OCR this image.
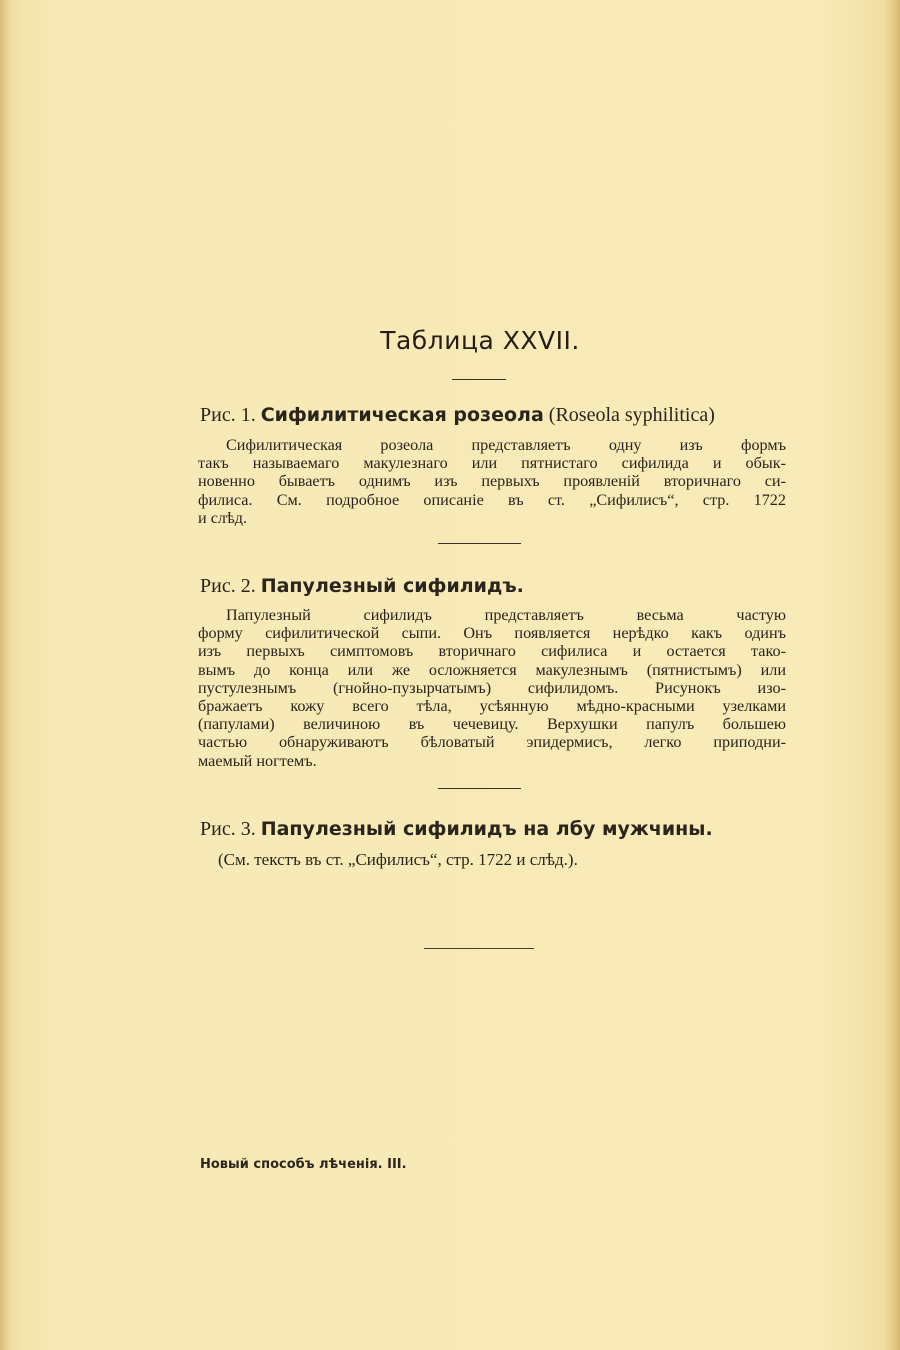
Таблица XXVII.
Рис. 1. Сифилитическая розеола (Roseola syphilitica)
Сифилитическая розеола представляетъ одну изъ формъ
такъ называемаго макулезнаго или пятнистаго сифилида и обык-
новенно бываетъ однимъ изъ первыхъ проявленій вторичнаго си-
филиса. См. подробное описаніе въ ст. „Сифилисъ“, стр. 1722
и слѣд.
Рис. 2. Папулезный сифилидъ.
Папулезный сифилидъ представляетъ весьма частую
форму сифилитической сыпи. Онъ появляется нерѣдко какъ одинъ
изъ первыхъ симптомовъ вторичнаго сифилиса и остается тако-
вымъ до конца или же осложняется макулезнымъ (пятнистымъ) или
пустулезнымъ (гнойно-пузырчатымъ) сифилидомъ. Рисунокъ изо-
бражаетъ кожу всего тѣла, усѣянную мѣдно-красными узелками
(папулами) величиною въ чечевицу. Верхушки папулъ большею
частью обнаруживаютъ бѣловатый эпидермисъ, легко приподни-
маемый ногтемъ.
Рис. 3. Папулезный сифилидъ на лбу мужчины.
(См. текстъ въ ст. „Сифилисъ“, стр. 1722 и слѣд.).
Новый способъ лѣченія. III.
